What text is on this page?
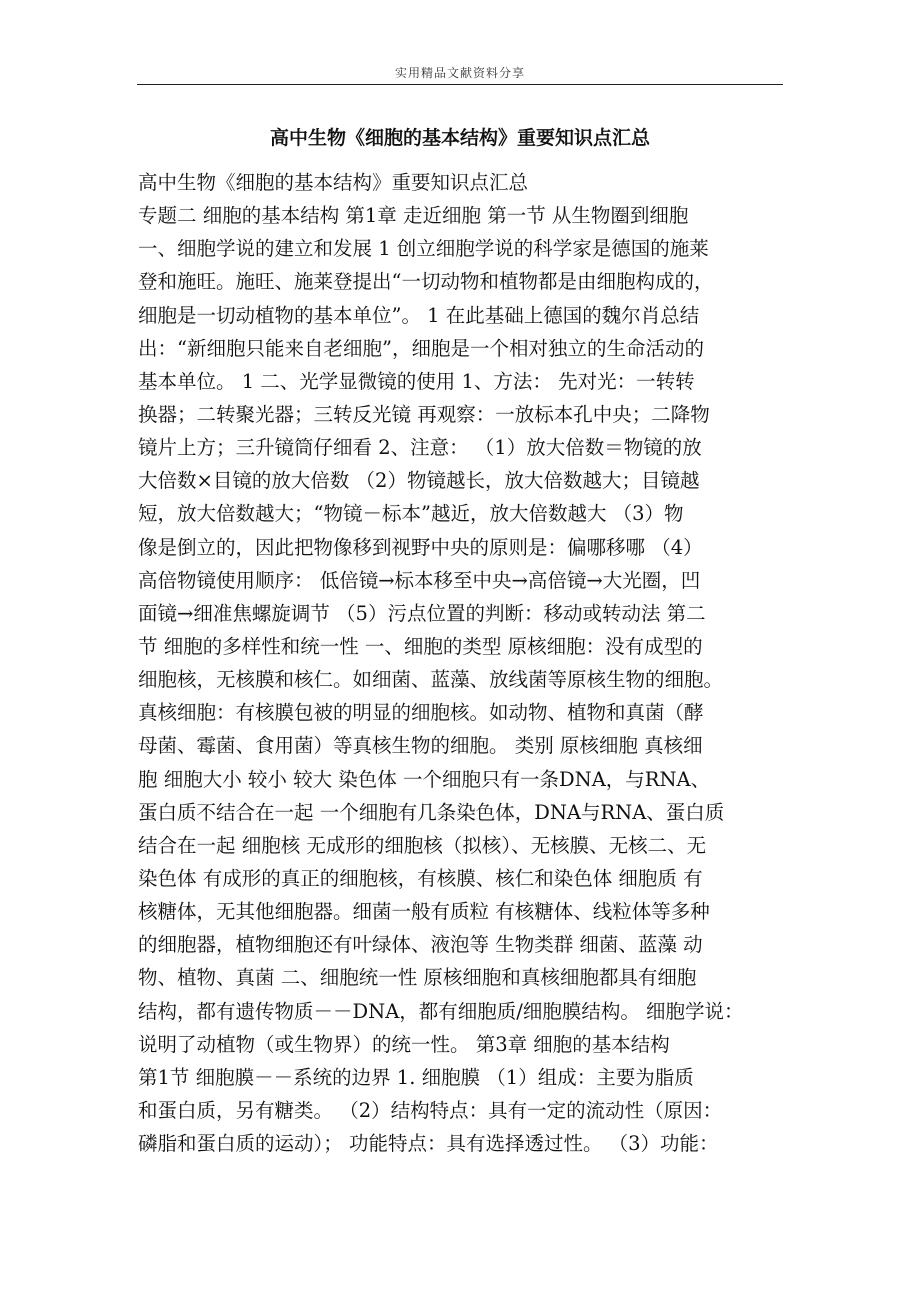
实用精品文献资料分享
高中生物《细胞的基本结构》重要知识点汇总
高中生物《细胞的基本结构》重要知识点汇总
专题二 细胞的基本结构 第1章 走近细胞 第一节 从生物圈到细胞
一、细胞学说的建立和发展 1 创立细胞学说的科学家是德国的施莱
登和施旺。施旺、施莱登提出“一切动物和植物都是由细胞构成的，
细胞是一切动植物的基本单位”。 1 在此基础上德国的魏尔肖总结
出：“新细胞只能来自老细胞”，细胞是一个相对独立的生命活动的
基本单位。 1 二、光学显微镜的使用 1、方法： 先对光：一转转
换器；二转聚光器；三转反光镜 再观察：一放标本孔中央；二降物
镜片上方；三升镜筒仔细看 2、注意： （1）放大倍数＝物镜的放
大倍数×目镜的放大倍数 （2）物镜越长，放大倍数越大；目镜越
短，放大倍数越大；“物镜－标本”越近，放大倍数越大 （3）物
像是倒立的，因此把物像移到视野中央的原则是：偏哪移哪 （4）
高倍物镜使用顺序： 低倍镜→标本移至中央→高倍镜→大光圈，凹
面镜→细准焦螺旋调节 （5）污点位置的判断：移动或转动法 第二
节 细胞的多样性和统一性 一、细胞的类型 原核细胞：没有成型的
细胞核，无核膜和核仁。如细菌、蓝藻、放线菌等原核生物的细胞。
真核细胞：有核膜包被的明显的细胞核。如动物、植物和真菌（酵
母菌、霉菌、食用菌）等真核生物的细胞。 类别 原核细胞 真核细
胞 细胞大小 较小 较大 染色体 一个细胞只有一条DNA，与RNA、
蛋白质不结合在一起 一个细胞有几条染色体，DNA与RNA、蛋白质
结合在一起 细胞核 无成形的细胞核（拟核）、无核膜、无核二、无
染色体 有成形的真正的细胞核，有核膜、核仁和染色体 细胞质 有
核糖体，无其他细胞器。细菌一般有质粒 有核糖体、线粒体等多种
的细胞器，植物细胞还有叶绿体、液泡等 生物类群 细菌、蓝藻 动
物、植物、真菌 二、细胞统一性 原核细胞和真核细胞都具有细胞
结构，都有遗传物质－－DNA，都有细胞质/细胞膜结构。 细胞学说：
说明了动植物（或生物界）的统一性。 第3章 细胞的基本结构
第1节 细胞膜－－系统的边界 1. 细胞膜 （1）组成：主要为脂质
和蛋白质，另有糖类。 （2）结构特点：具有一定的流动性（原因：
磷脂和蛋白质的运动）； 功能特点：具有选择透过性。 （3）功能：
